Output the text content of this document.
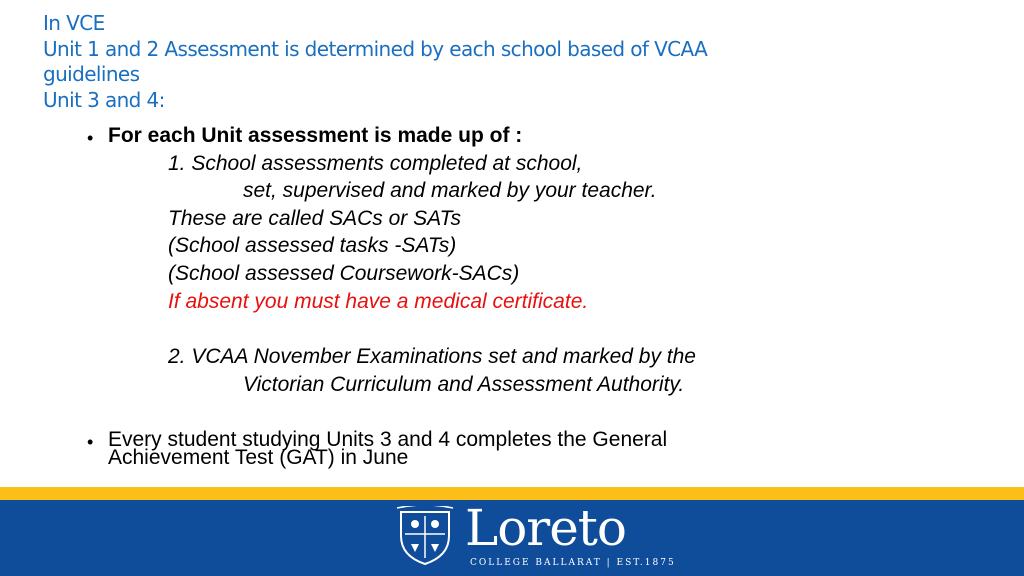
In VCE
Unit 1 and 2 Assessment is determined by each school based of VCAA
guidelines
Unit 3 and 4:
• For each Unit assessment is made up of :
1. School assessments completed at school,
set, supervised and marked by your teacher.
These are called SACs or SATs
(School assessed tasks -SATs)
(School assessed Coursework-SACs)
If absent you must have a medical certificate.
2. VCAA November Examinations set and marked by the
Victorian Curriculum and Assessment Authority.
• Every student studying Units 3 and 4 completes the General
Achievement Test (GAT) in June
Loreto
COLLEGE BALLARAT | EST.1875
